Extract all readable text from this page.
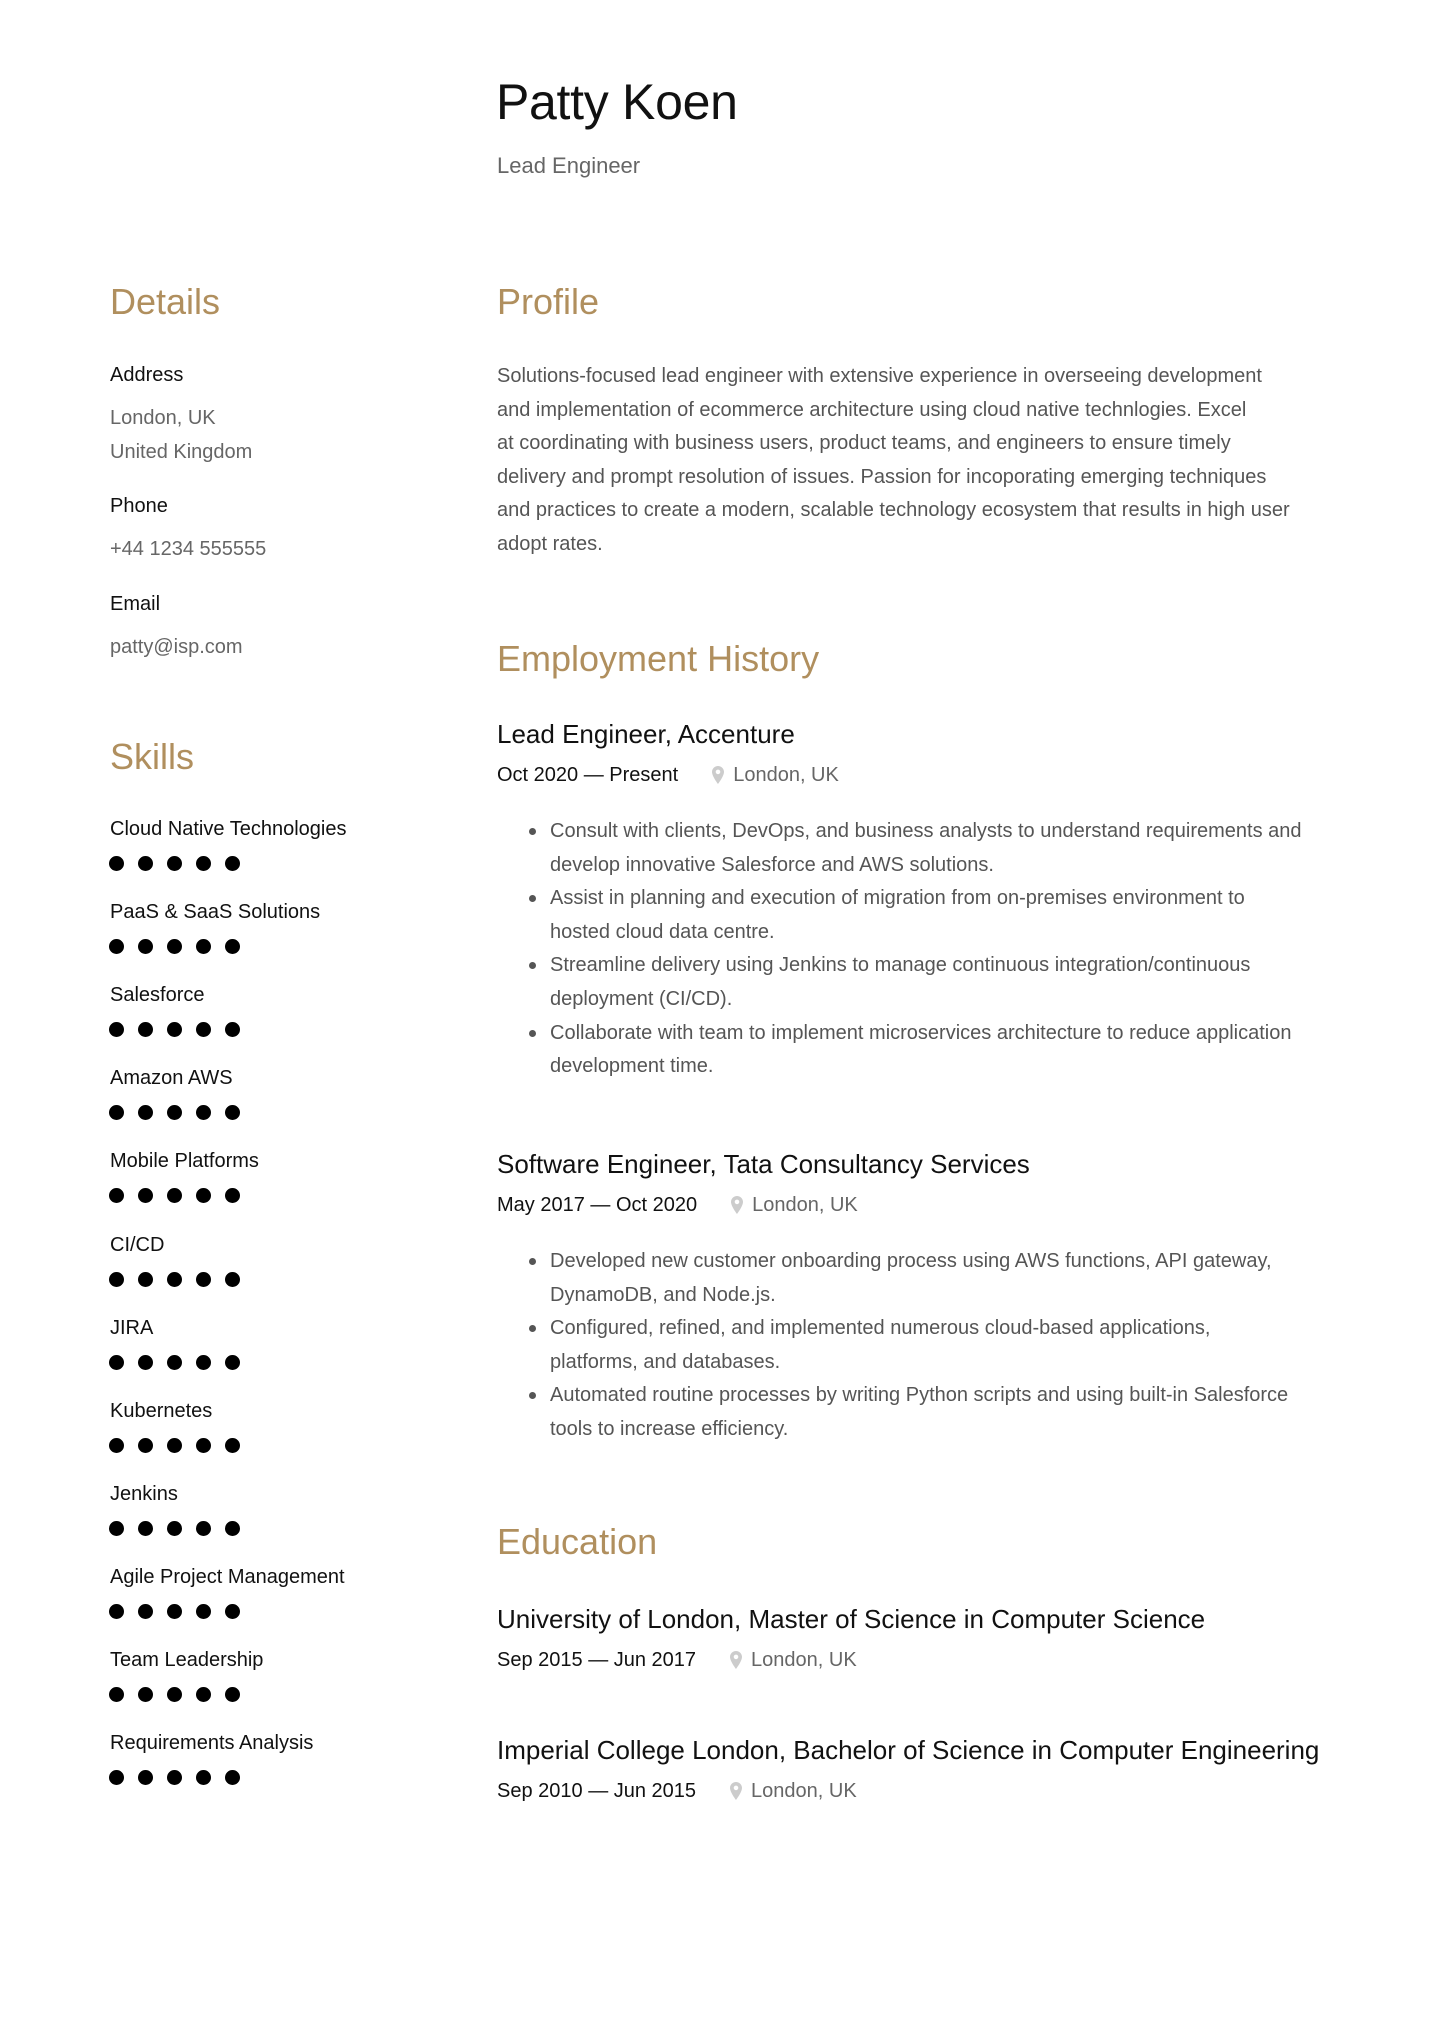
Patty Koen
Lead Engineer
Details
Address
London, UK
United Kingdom
Phone
+44 1234 555555
Email
patty@isp.com
Skills
Cloud Native Technologies
PaaS & SaaS Solutions
Salesforce
Amazon AWS
Mobile Platforms
CI/CD
JIRA
Kubernetes
Jenkins
Agile Project Management
Team Leadership
Requirements Analysis
Profile
Solutions-focused lead engineer with extensive experience in overseeing development
and implementation of ecommerce architecture using cloud native technlogies. Excel
at coordinating with business users, product teams, and engineers to ensure timely
delivery and prompt resolution of issues. Passion for incoporating emerging techniques
and practices to create a modern, scalable technology ecosystem that results in high user
adopt rates.
Employment History
Lead Engineer, Accenture
Oct 2020 — Present	London, UK
Consult with clients, DevOps, and business analysts to understand requirements and
develop innovative Salesforce and AWS solutions.
Assist in planning and execution of migration from on-premises environment to
hosted cloud data centre.
Streamline delivery using Jenkins to manage continuous integration/continuous
deployment (CI/CD).
Collaborate with team to implement microservices architecture to reduce application
development time.
Software Engineer, Tata Consultancy Services
May 2017 — Oct 2020	London, UK
Developed new customer onboarding process using AWS functions, API gateway,
DynamoDB, and Node.js.
Configured, refined, and implemented numerous cloud-based applications,
platforms, and databases.
Automated routine processes by writing Python scripts and using built-in Salesforce
tools to increase efficiency.
Education
University of London, Master of Science in Computer Science
Sep 2015 — Jun 2017	London, UK
Imperial College London, Bachelor of Science in Computer Engineering
Sep 2010 — Jun 2015	London, UK
